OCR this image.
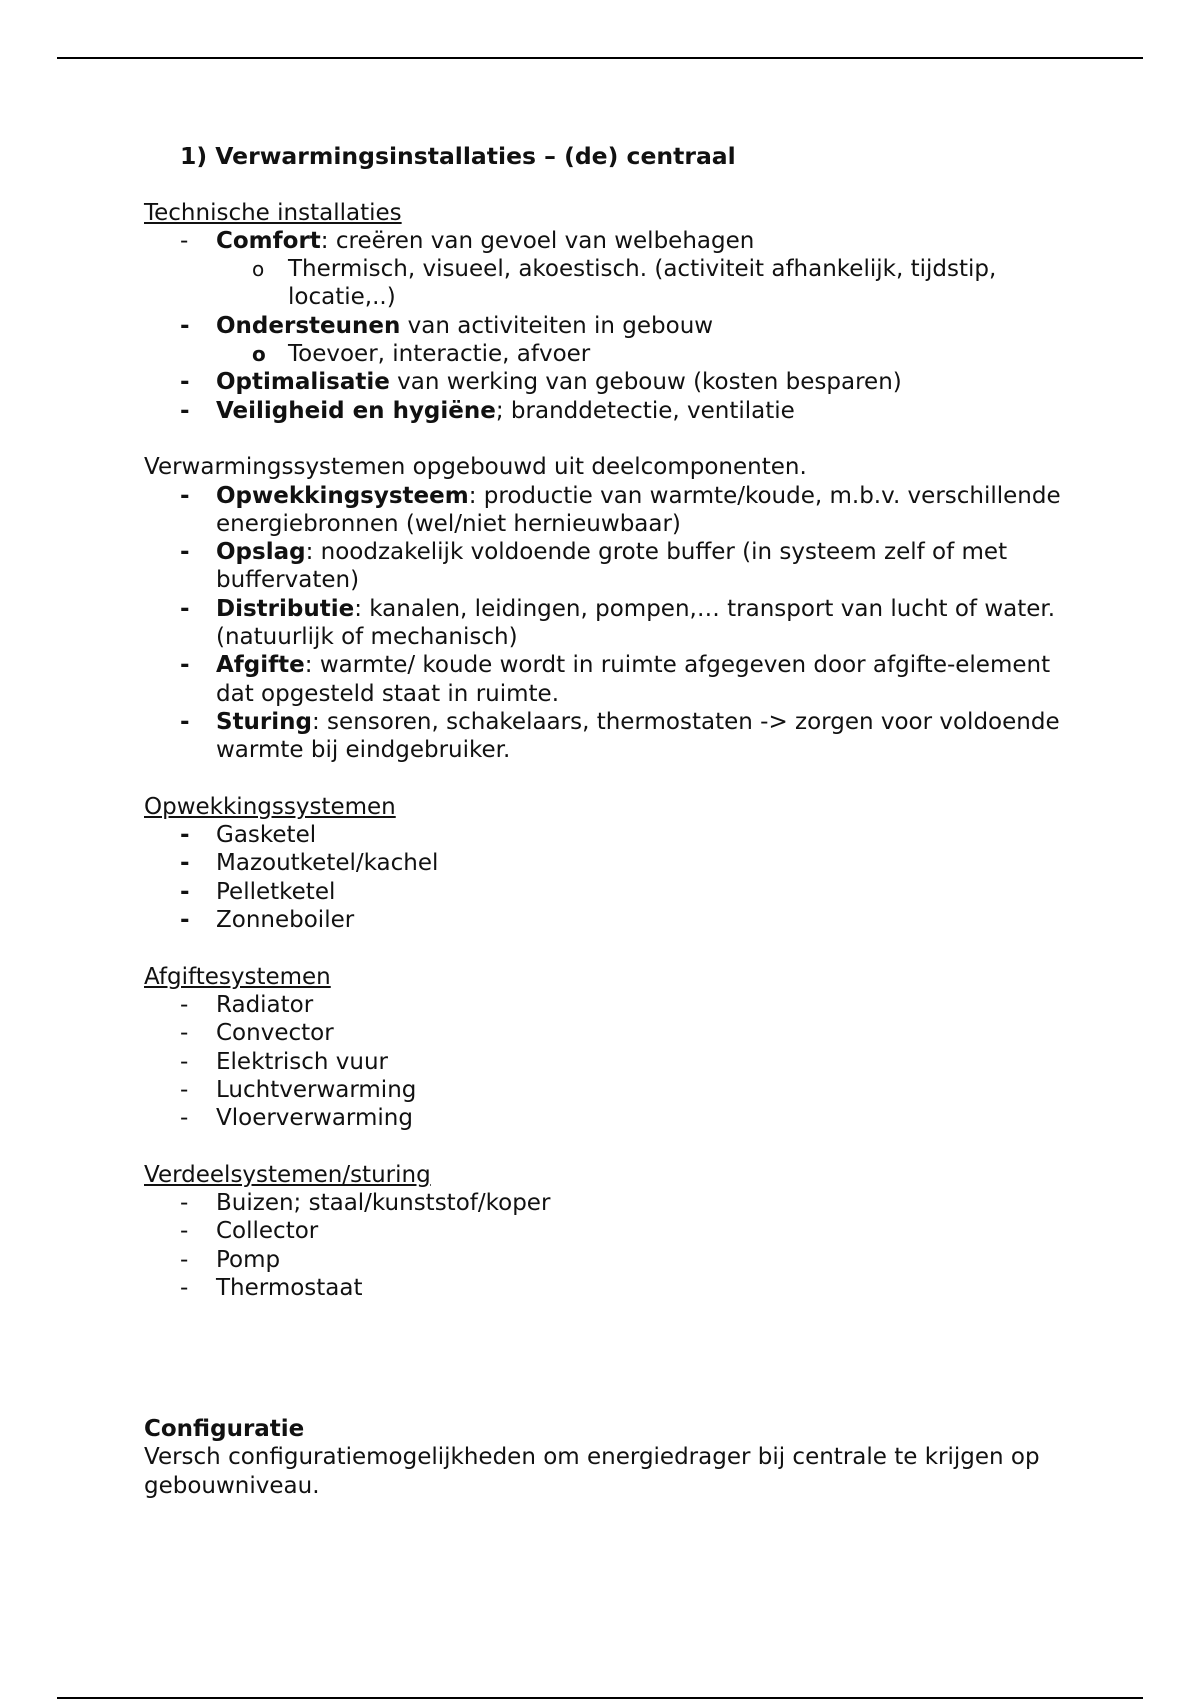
1) Verwarmingsinstallaties – (de) centraal
Technische installaties
-	Comfort: creëren van gevoel van welbehagen
o	Thermisch, visueel, akoestisch. (activiteit afhankelijk, tijdstip, locatie,..)
-	Ondersteunen van activiteiten in gebouw
o Toevoer, interactie, afvoer
-	Optimalisatie van werking van gebouw (kosten besparen)
-	Veiligheid en hygiëne; branddetectie, ventilatie
Verwarmingssystemen opgebouwd uit deelcomponenten.
-	Opwekkingsysteem: productie van warmte/koude, m.b.v. verschillende energiebronnen (wel/niet hernieuwbaar)
-	Opslag: noodzakelijk voldoende grote buffer (in systeem zelf of met buffervaten)
-	Distributie: kanalen, leidingen, pompen,… transport van lucht of water. (natuurlijk of mechanisch)
-	Afgifte: warmte/ koude wordt in ruimte afgegeven door afgifte-element dat opgesteld staat in ruimte.
-	Sturing: sensoren, schakelaars, thermostaten -> zorgen voor voldoende warmte bij eindgebruiker.
Opwekkingssystemen
-	Gasketel
-	Mazoutketel/kachel
-	Pelletketel
-	Zonneboiler
Afgiftesystemen
-	Radiator
-	Convector
-	Elektrisch vuur
-	Luchtverwarming
-	Vloerverwarming
Verdeelsystemen/sturing
-	Buizen; staal/kunststof/koper
-	Collector
-	Pomp
-	Thermostaat
Configuratie
Versch configuratiemogelijkheden om energiedrager bij centrale te krijgen op gebouwniveau.
